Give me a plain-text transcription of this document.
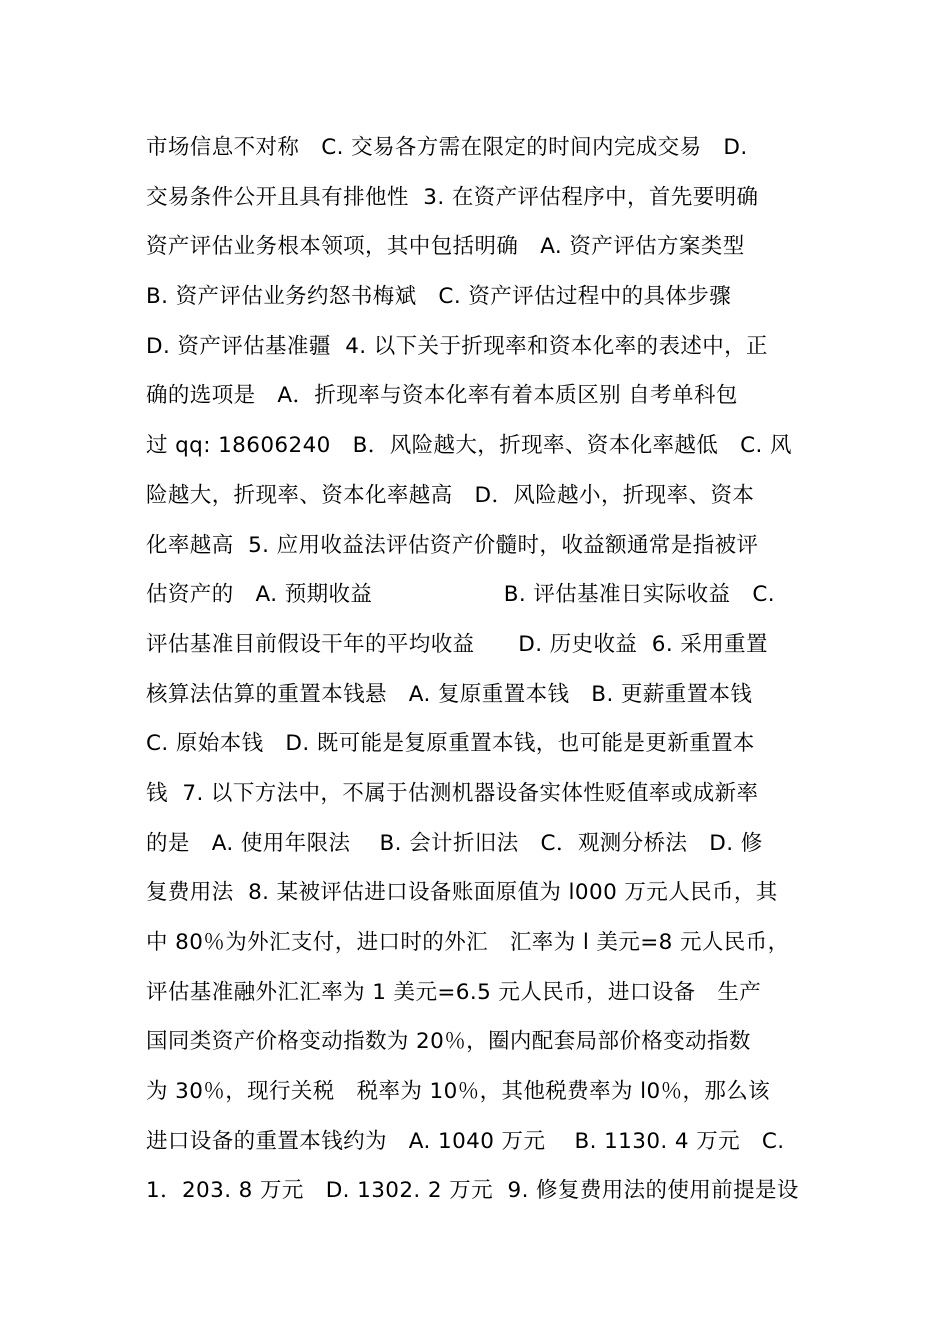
市场信息不对称　C. 交易各方需在限定的时间内完成交易　D.
交易条件公开且具有排他性  3. 在资产评估程序中，首先要明确
资产评估业务根本领项，其中包括明确　A. 资产评估方案类型
B. 资产评估业务约怒书梅斌　C. 资产评估过程中的具体步骤
D. 资产评估基准疆  4. 以下关于折现率和资本化率的表述中，正
确的选项是　A．折现率与资本化率有着本质区别 自考单科包
过 qq: 18606240　B．风险越大，折现率、资本化率越低　C. 风
险越大，折现率、资本化率越高　D．风险越小，折现率、资本
化率越高  5. 应用收益法评估资产价髓时，收益额通常是指被评
估资产的　A. 预期收益　　　　　　B. 评估基准日实际收益　C.
评估基准目前假设干年的平均收益　　D. 历史收益  6. 采用重置
核算法估算的重置本钱悬　A. 复原重置本钱　B. 更薪重置本钱
C. 原始本钱　D. 既可能是复原重置本钱，也可能是更新重置本
钱  7. 以下方法中，不属于估测机器设备实体性贬值率或成新率
的是　A. 使用年限法　 B. 会计折旧法　C．观测分桥法　D. 修
复费用法  8. 某被评估进口设备账面原值为 l000 万元人民币，其
中 80％为外汇支付，进口时的外汇　汇率为 l 美元=8 元人民币，
评估基准融外汇汇率为 1 美元=6.5 元人民币，进口设备　生产
国同类资产价格变动指数为 20％，圈内配套局部价格变动指数
为 30％，现行关税　税率为 10％，其他税费率为 l0％，那么该
进口设备的重置本钱约为　A. 1040 万元　 B. 1130. 4 万元　C.
1．203. 8 万元　D. 1302. 2 万元  9. 修复费用法的使用前提是设
